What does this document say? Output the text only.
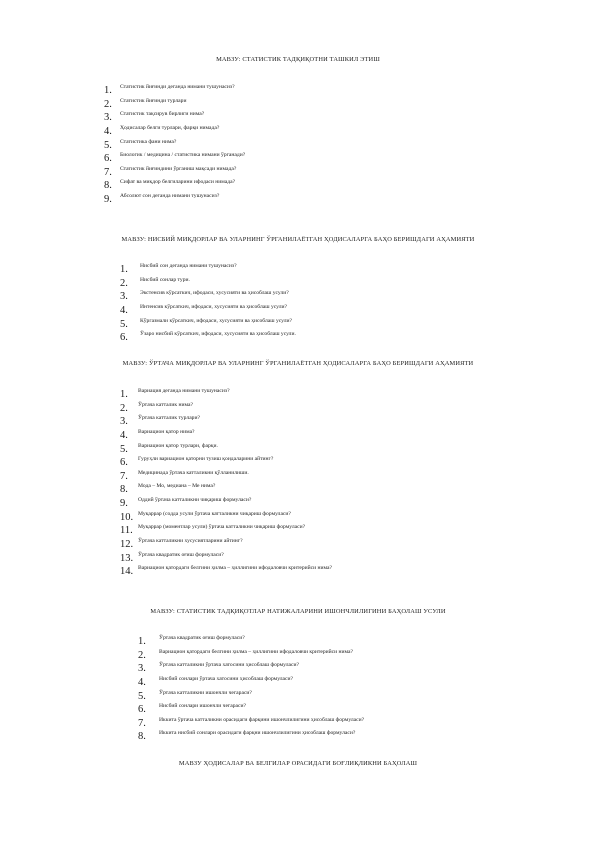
МАВЗУ: СТАТИСТИК ТАДҚИҚОТНИ ТАШКИЛ ЭТИШ
1. Статистик йиғинди деганда нимани тушунасиз?
2. Статистик йиғинди турлари
3. Статистик тақсирув бирлиги нима?
4. Ҳодисалар белги турлари, фарқи нимада?
5. Статистика фани нима?
6. Биологик / медицина / статистика нимани ўрганади?
7. Статистик йиғиндини ўрганиш мақсади нимада?
8. Сифат ва миқдор белгиларини ифодаси нимада?
9. Абсолют сон деганда нимани тушунасиз?
МАВЗУ: НИСБИЙ МИҚДОРЛАР ВА УЛАРНИНГ ЎРГАНИЛАЁТГАН ҲОДИСАЛАРГА БАҲО БЕРИШДАГИ АҲАМИЯТИ
1. Нисбий сон деганда нимани тушунасиз?
2. Нисбий сонлар тури.
3. Экстенсив кўрсаткич, ифодаси, хусусияти ва ҳисоблаш усули?
4. Интенсив кўрсаткич, ифодаси, хусусияти ва ҳисоблаш усули?
5. Кўргазмали кўрсаткич, ифодаси, хусусияти ва ҳисоблаш усули?
6. Ўзаро нисбий кўрсаткич, ифодаси, хусусияти ва ҳисоблаш усули.
МАВЗУ: ЎРТАЧА МИҚДОРЛАР ВА УЛАРНИНГ ЎРГАНИЛАЁТГАН ҲОДИСАЛАРГА БАҲО БЕРИШДАГИ АҲАМИЯТИ
1. Вариация деганда нимани тушунасиз?
2. Ўртача катталик нима?
3. Ўртача катталик турлари?
4. Вариацион қатор нима?
5. Вариацион қатор турлари, фарқи.
6. Гуруҳли вариацион қаторни тузиш қоидаларини айтинг?
7. Медицинада ўртача катталикни қўлланилиши.
8. Мода – Мо, медиана – Ме нима?
9. Оддий ўртача катталикни чиқариш формуласи?
10. Муқаррар (содда усули ўртача катталикни чиқариш формуласи?
11. Муқаррар (моментлар усули) ўртача катталикни чиқариш формуласи?
12. Ўртача катталикни хусусиятларини айтинг?
13. Ўртача квадратик оғиш формуласи?
14. Вариацион қатордаги белгини ҳилма – ҳиллигини ифодаловчи критерийси нима?
МАВЗУ: СТАТИСТИК ТАДҚИҚОТЛАР НАТИЖАЛАРИНИ ИШОНЧЛИЛИГИНИ БАҲОЛАШ УСУЛИ
1. Ўртача квадратик оғиш формуласи?
2. Вариацион қатордаги белгини ҳилма – ҳиллигини ифодаловчи критерийси нима?
3. Ўртача катталикни ўртача хатосини ҳисоблаш формуласи?
4. Нисбий сонлари ўртача хатосини ҳисоблаш формуласи?
5. Ўртача катталикни ишончли чегараси?
6. Нисбий сонлари ишончли чегараси?
7. Иккита ўртача катталикни орасидаги фарқини ишончлилигини ҳисоблаш формуласи?
8. Иккита нисбий сонлари орасидаги фарқни ишончлилигини ҳисоблаш формуласи?
МАВЗУ ҲОДИСАЛАР ВА БЕЛГИЛАР ОРАСИДАГИ БОҒЛИҚЛИКНИ БАҲОЛАШ
